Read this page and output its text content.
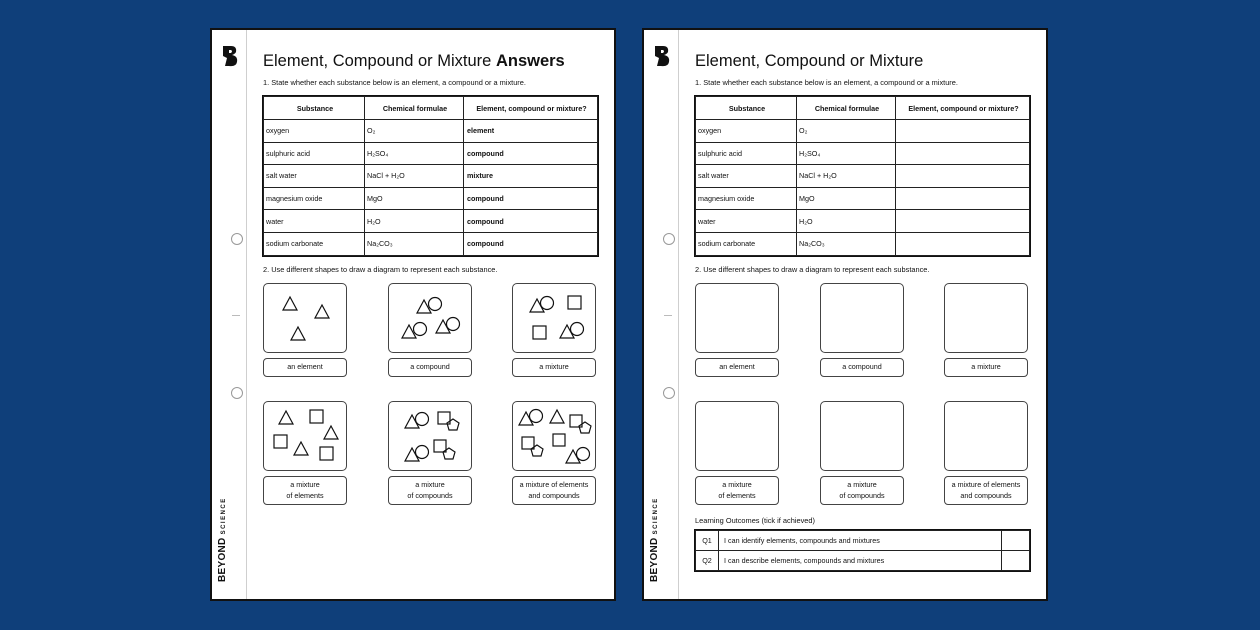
BEYONDSCIENCE
Element, Compound or Mixture Answers
1. State whether each substance below is an element, a compound or a mixture.
Substance	Chemical formulae	Element, compound or mixture?
oxygen	O₂	element
sulphuric acid	H₂SO₄	compound
salt water	NaCl + H₂O	mixture
magnesium oxide	MgO	compound
water	H₂O	compound
sodium carbonate	Na₂CO₃	compound
2. Use different shapes to draw a diagram to represent each substance.
an element	a compound	a mixture
a mixture
of elements
a mixture
of compounds
a mixture of elements
and compounds
BEYONDSCIENCE
Element, Compound or Mixture
1. State whether each substance below is an element, a compound or a mixture.
Substance	Chemical formulae	Element, compound or mixture?
oxygen	O₂	
sulphuric acid	H₂SO₄	
salt water	NaCl + H₂O	
magnesium oxide	MgO	
water	H₂O	
sodium carbonate	Na₂CO₃	
2. Use different shapes to draw a diagram to represent each substance.
an element	a compound	a mixture
a mixture
of elements
a mixture
of compounds
a mixture of elements
and compounds
Learning Outcomes (tick if achieved)
Q1	I can identify elements, compounds and mixtures	
Q2	I can describe elements, compounds and mixtures	
